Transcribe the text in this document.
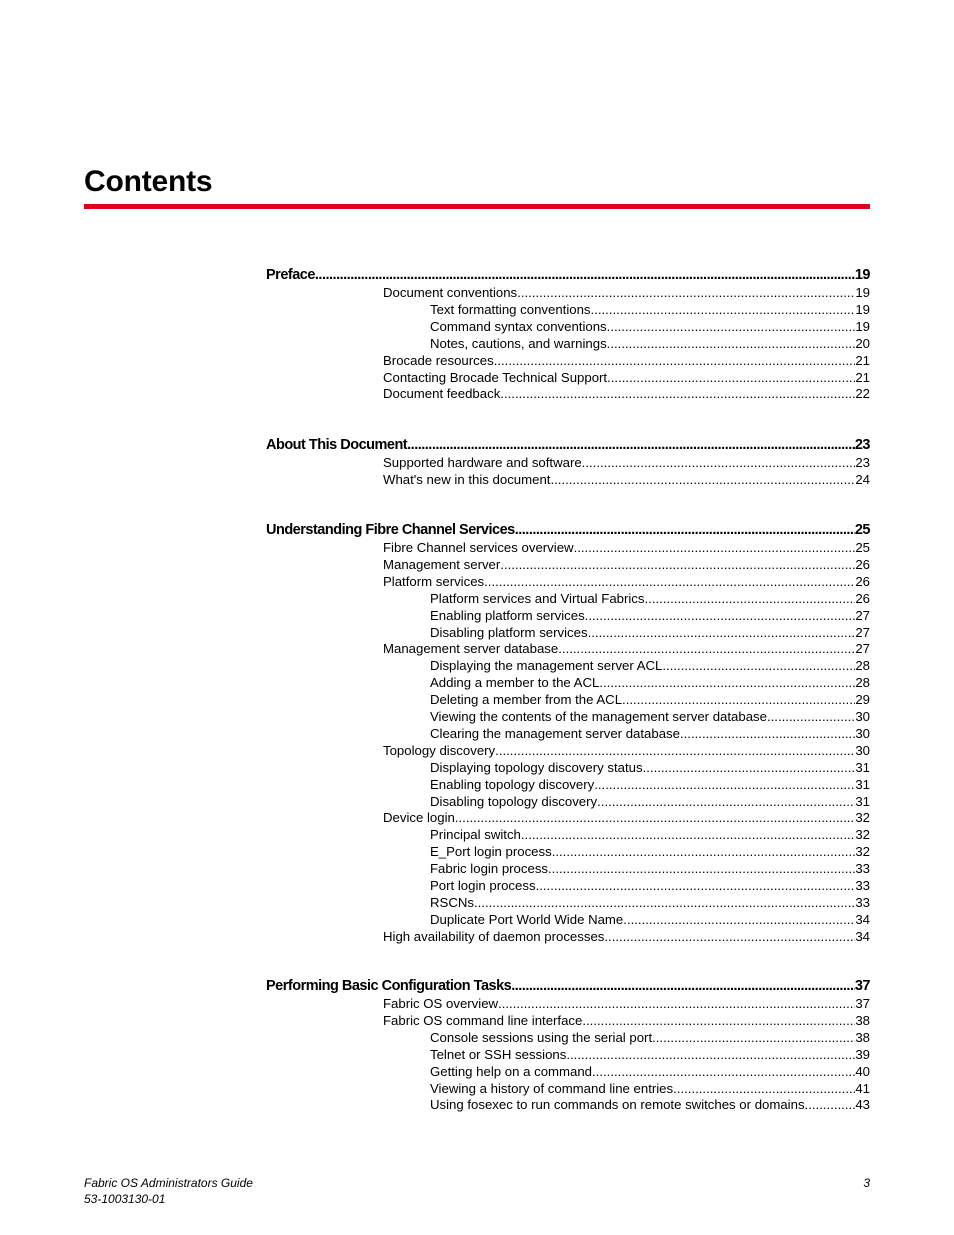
Contents
Preface .....	19
Document conventions .....	19
Text formatting conventions .....	19
Command syntax conventions .....	19
Notes, cautions, and warnings .....	20
Brocade resources .....	21
Contacting Brocade Technical Support .....	21
Document feedback .....	22
About This Document .....	23
Supported hardware and software .....	23
What's new in this document .....	24
Understanding Fibre Channel Services .....	25
Fibre Channel services overview .....	25
Management server .....	26
Platform services .....	26
Platform services and Virtual Fabrics .....	26
Enabling platform services .....	27
Disabling platform services .....	27
Management server database .....	27
Displaying the management server ACL .....	28
Adding a member to the ACL .....	28
Deleting a member from the ACL .....	29
Viewing the contents of the management server database .....	30
Clearing the management server database .....	30
Topology discovery .....	30
Displaying topology discovery status .....	31
Enabling topology discovery .....	31
Disabling topology discovery .....	31
Device login .....	32
Principal switch .....	32
E_Port login process .....	32
Fabric login process .....	33
Port login process .....	33
RSCNs .....	33
Duplicate Port World Wide Name .....	34
High availability of daemon processes .....	34
Performing Basic Configuration Tasks .....	37
Fabric OS overview .....	37
Fabric OS command line interface .....	38
Console sessions using the serial port .....	38
Telnet or SSH sessions .....	39
Getting help on a command .....	40
Viewing a history of command line entries .....	41
Using fosexec to run commands on remote switches or domains .....	43
Fabric OS Administrators Guide
53-1003130-01
3
